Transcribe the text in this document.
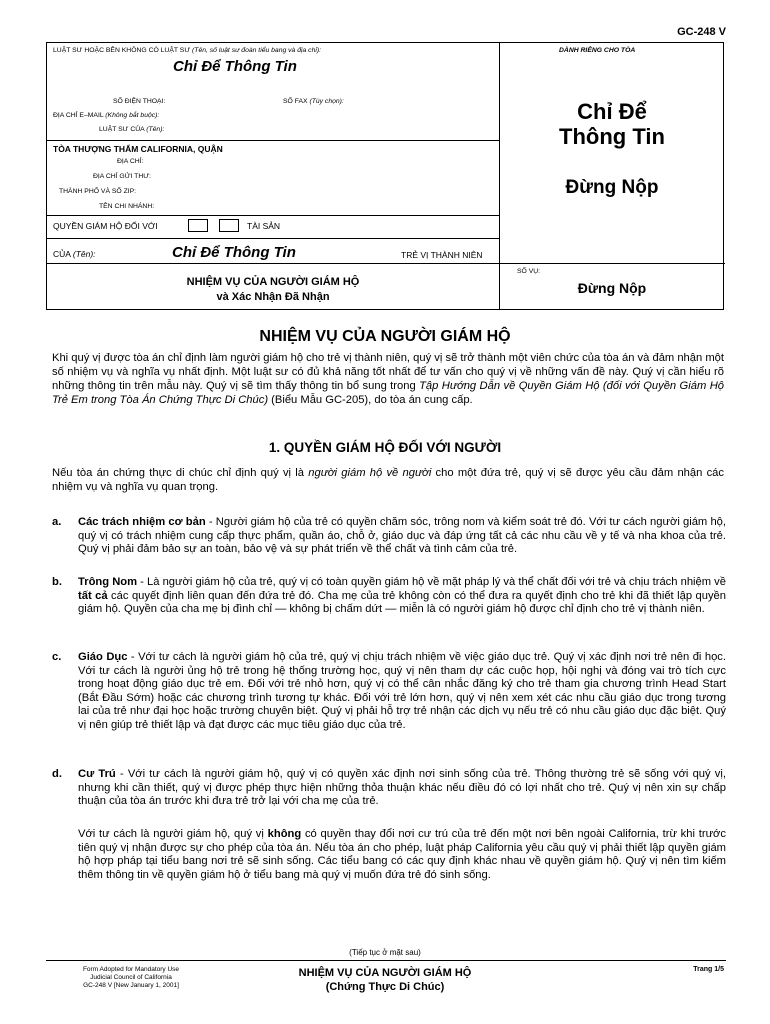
GC-248 V
LUẬT SƯ HOẶC BÊN KHÔNG CÓ LUẬT SƯ (Tên, số luật sư đoàn tiểu bang và địa chỉ):	DÀNH RIÊNG CHO TÒA
Chỉ Để Thông Tin
SỐ ĐIỆN THOẠI:	SỐ FAX (Tùy chọn):
ĐỊA CHỈ E–MAIL (Không bắt buộc):
LUẬT SƯ CỦA (Tên):
TÒA THƯỢNG THẨM CALIFORNIA, QUẬN
ĐỊA CHỈ:
ĐỊA CHỈ GỬI THƯ:
THÀNH PHỐ VÀ SỐ ZIP:
TÊN CHI NHÁNH:
Chỉ Để
Thông Tin
Đừng Nộp
QUYỀN GIÁM HỘ ĐỐI VỚI	TÀI SẢN
CỦA (Tên):	Chỉ Để Thông Tin	TRẺ VỊ THÀNH NIÊN
NHIỆM VỤ CỦA NGƯỜI GIÁM HỘ
và Xác Nhận Đã Nhận
SỐ VỤ:
Đừng Nộp
NHIỆM VỤ CỦA NGƯỜI GIÁM HỘ
Khi quý vị được tòa án chỉ định làm người giám hộ cho trẻ vị thành niên, quý vị sẽ trở thành một viên chức của tòa án và đảm nhận một số nhiệm vụ và nghĩa vụ nhất định. Một luật sư có đủ khả năng tốt nhất để tư vấn cho quý vị về những vấn đề này. Quý vị cần hiểu rõ những thông tin trên mẫu này. Quý vị sẽ tìm thấy thông tin bổ sung trong Tập Hướng Dẫn về Quyền Giám Hộ (đối với Quyền Giám Hộ Trẻ Em trong Tòa Án Chứng Thực Di Chúc) (Biểu Mẫu GC-205), do tòa án cung cấp.
1. QUYỀN GIÁM HỘ ĐỐI VỚI NGƯỜI
Nếu tòa án chứng thực di chúc chỉ định quý vị là người giám hộ về người cho một đứa trẻ, quý vị sẽ được yêu cầu đảm nhận các nhiệm vụ và nghĩa vụ quan trọng.
a. Các trách nhiệm cơ bản - Người giám hộ của trẻ có quyền chăm sóc, trông nom và kiểm soát trẻ đó. Với tư cách người giám hộ, quý vị có trách nhiệm cung cấp thực phẩm, quần áo, chỗ ở, giáo dục và đáp ứng tất cả các nhu cầu về y tế và nha khoa của trẻ. Quý vị phải đảm bảo sự an toàn, bảo vệ và sự phát triển về thể chất và tình cảm của trẻ.
b. Trông Nom - Là người giám hộ của trẻ, quý vị có toàn quyền giám hộ về mặt pháp lý và thể chất đối với trẻ và chịu trách nhiệm về tất cả các quyết định liên quan đến đứa trẻ đó. Cha mẹ của trẻ không còn có thể đưa ra quyết định cho trẻ khi đã thiết lập quyền giám hộ. Quyền của cha mẹ bị đình chỉ — không bị chấm dứt — miễn là có người giám hộ được chỉ định cho trẻ vị thành niên.
c. Giáo Dục - Với tư cách là người giám hộ của trẻ, quý vị chịu trách nhiệm về việc giáo dục trẻ. Quý vị xác định nơi trẻ nên đi học. Với tư cách là người ủng hộ trẻ trong hệ thống trường học, quý vị nên tham dự các cuộc họp, hội nghị và đóng vai trò tích cực trong hoạt động giáo dục trẻ em. Đối với trẻ nhỏ hơn, quý vị có thể cân nhắc đăng ký cho trẻ tham gia chương trình Head Start (Bắt Đầu Sớm) hoặc các chương trình tương tự khác. Đối với trẻ lớn hơn, quý vị nên xem xét các nhu cầu giáo dục trong tương lai của trẻ như đại học hoặc trường chuyên biệt. Quý vị phải hỗ trợ trẻ nhận các dịch vụ nếu trẻ có nhu cầu giáo dục đặc biệt. Quý vị nên giúp trẻ thiết lập và đạt được các mục tiêu giáo dục của trẻ.
d. Cư Trú - Với tư cách là người giám hộ, quý vị có quyền xác định nơi sinh sống của trẻ. Thông thường trẻ sẽ sống với quý vị, nhưng khi cần thiết, quý vị được phép thực hiện những thỏa thuận khác nếu điều đó có lợi nhất cho trẻ. Quý vị nên xin sự chấp thuận của tòa án trước khi đưa trẻ trở lại với cha mẹ của trẻ.
Với tư cách là người giám hộ, quý vị không có quyền thay đổi nơi cư trú của trẻ đến một nơi bên ngoài California, trừ khi trước tiên quý vị nhận được sự cho phép của tòa án. Nếu tòa án cho phép, luật pháp California yêu cầu quý vị phải thiết lập quyền giám hộ hợp pháp tại tiểu bang nơi trẻ sẽ sinh sống. Các tiểu bang có các quy định khác nhau về quyền giám hộ. Quý vị nên tìm kiếm thêm thông tin về quyền giám hộ ở tiểu bang mà quý vị muốn đứa trẻ đó sinh sống.
(Tiếp tục ở mặt sau)
Form Adopted for Mandatory Use
Judicial Council of California
GC-248 V [New January 1, 2001]
NHIỆM VỤ CỦA NGƯỜI GIÁM HỘ
(Chứng Thực Di Chúc)
Trang 1/5
